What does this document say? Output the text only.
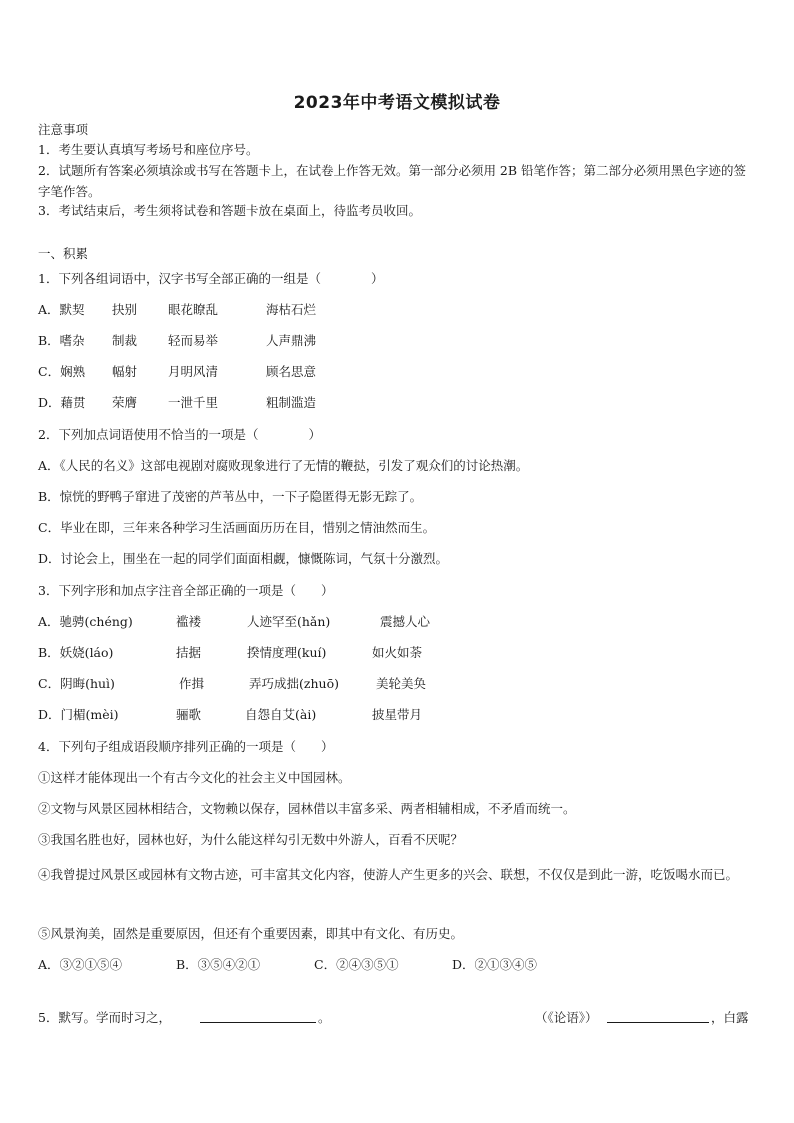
2023年中考语文模拟试卷
注意事项
1．考生要认真填写考场号和座位序号。
2．试题所有答案必须填涂或书写在答题卡上，在试卷上作答无效。第一部分必须用 2B 铅笔作答；第二部分必须用黑色字迹的签字笔作答。
3．考试结束后，考生须将试卷和答题卡放在桌面上，待监考员收回。
一、积累
1．下列各组词语中，汉字书写全部正确的一组是（　　　　）
A．默契 抉别 眼花瞭乱	海枯石烂
B．嗜杂 制裁 轻而易举	人声鼎沸
C．娴熟 幅射 月明风清	顾名思意
D．藉贯 荣膺 一泄千里	粗制滥造
2．下列加点词语使用不恰当的一项是（　　　　）
A．《人民的名义》这部电视剧对腐败现象进行了无情的鞭挞，引发了观众们的讨论热潮。
B．惊恍的野鸭子窜进了茂密的芦苇丛中，一下子隐匿得无影无踪了。
C．毕业在即，三年来各种学习生活画面历历在目，惜别之情油然而生。
D．讨论会上，围坐在一起的同学们面面相觑，慷慨陈词，气氛十分激烈。
3．下列字形和加点字注音全部正确的一项是（　　）
A．驰骋(chéng)	褴褛	人迹罕至(hǎn)	震撼人心
B．妖娆(láo)	拮据	揆情度理(kuí)	如火如荼
C．阴晦(huì)	作揖	弄巧成拙(zhuō)	美轮美奂
D．门楣(mèi)	骊歌	自怨自艾(ài)	披星带月
4．下列句子组成语段顺序排列正确的一项是（　　）
①这样才能体现出一个有古今文化的社会主义中国园林。
②文物与风景区园林相结合，文物赖以保存，园林借以丰富多采、两者相辅相成，不矛盾而统一。
③我国名胜也好，园林也好，为什么能这样勾引无数中外游人，百看不厌呢？
④我曾提过风景区或园林有文物古迹，可丰富其文化内容，使游人产生更多的兴会、联想，不仅仅是到此一游，吃饭喝水而已。
⑤风景洵美，固然是重要原因，但还有个重要因素，即其中有文化、有历史。
A．③②①⑤④	B．③⑤④②①	C．②④③⑤①	D．②①③④⑤
5．默写。学而时习之，	。	（《论语》）	，白露
